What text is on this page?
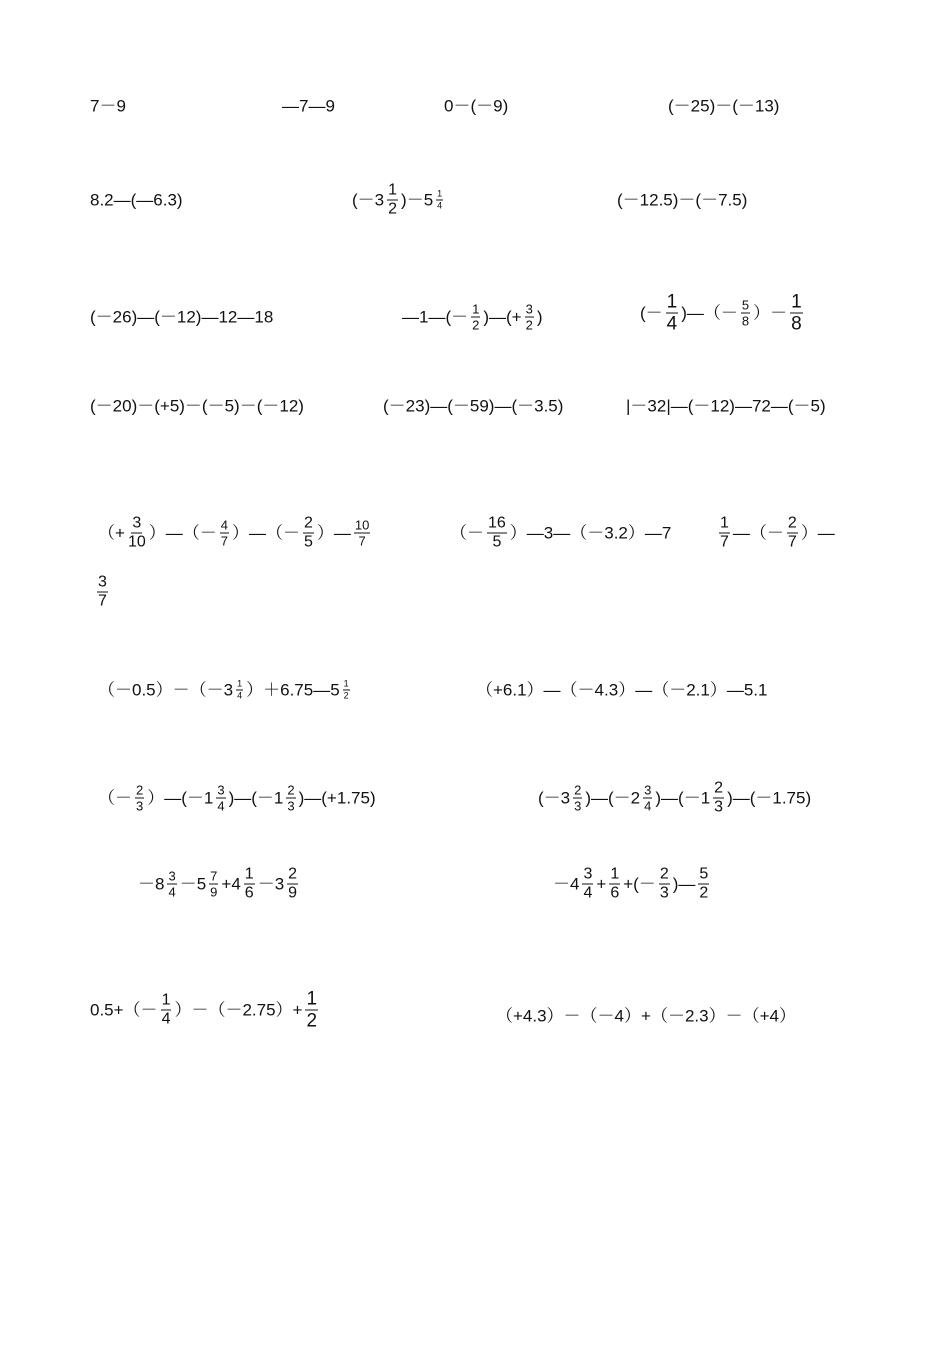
7－9	—7—9	0－(－9)	(－25)－(－13)
8.2—(—6.3)	$(-3 \frac{1}{2} )-5 \frac{1}{4}$	(－12.5)－(－7.5)
(－26)—(－12)—12—18	—1—(－ $\frac{1}{2}$ )—(+ $\frac{3}{2}$ )	(－ $\frac{1}{4}$ )—（－ $\frac{5}{8}$ ）－ $\frac{1}{8}$
(－20)－(+5)－(－5)－(－12)	(－23)—(－59)—(－3.5)	|－32|—(－12)—72—(－5)
（+ $\frac{3}{10}$ ）—（－ $\frac{4}{7}$ ）—（－ $\frac{2}{5}$ ）— $\frac{10}{7}$	（－ $\frac{16}{5}$ ）—3—（－3.2）—7	$\frac{1}{7}$ —（－ $\frac{2}{7}$ ）—
$\frac{3}{7}$
$(-0.5)-(-3 \frac{1}{4}$ ）＋6.75—5 $\frac{1}{2}$	（+6.1）—（－4.3）—（－2.1）—5.1
（－ $\frac{2}{3}$ ）—(－1 $\frac{3}{4}$ )—(－1 $\frac{2}{3}$ )—(+1.75)	($-3 \frac{2}{3}$ )—(－2 $\frac{3}{4}$ )—(－1 $\frac{2}{3}$ )—(－1.75)
$-8 \frac{3}{4} -5 \frac{7}{9} +4 \frac{1}{6} -3 \frac{2}{9}$	$-4 \frac{3}{4} + \frac{1}{6}$ +(－ $\frac{2}{3}$ )— $\frac{5}{2}$
$0.5+(- \frac{1}{4} )-(-2.75)+ \frac{1}{2}$	（+4.3）－（－4）+（－2.3）－（+4）
